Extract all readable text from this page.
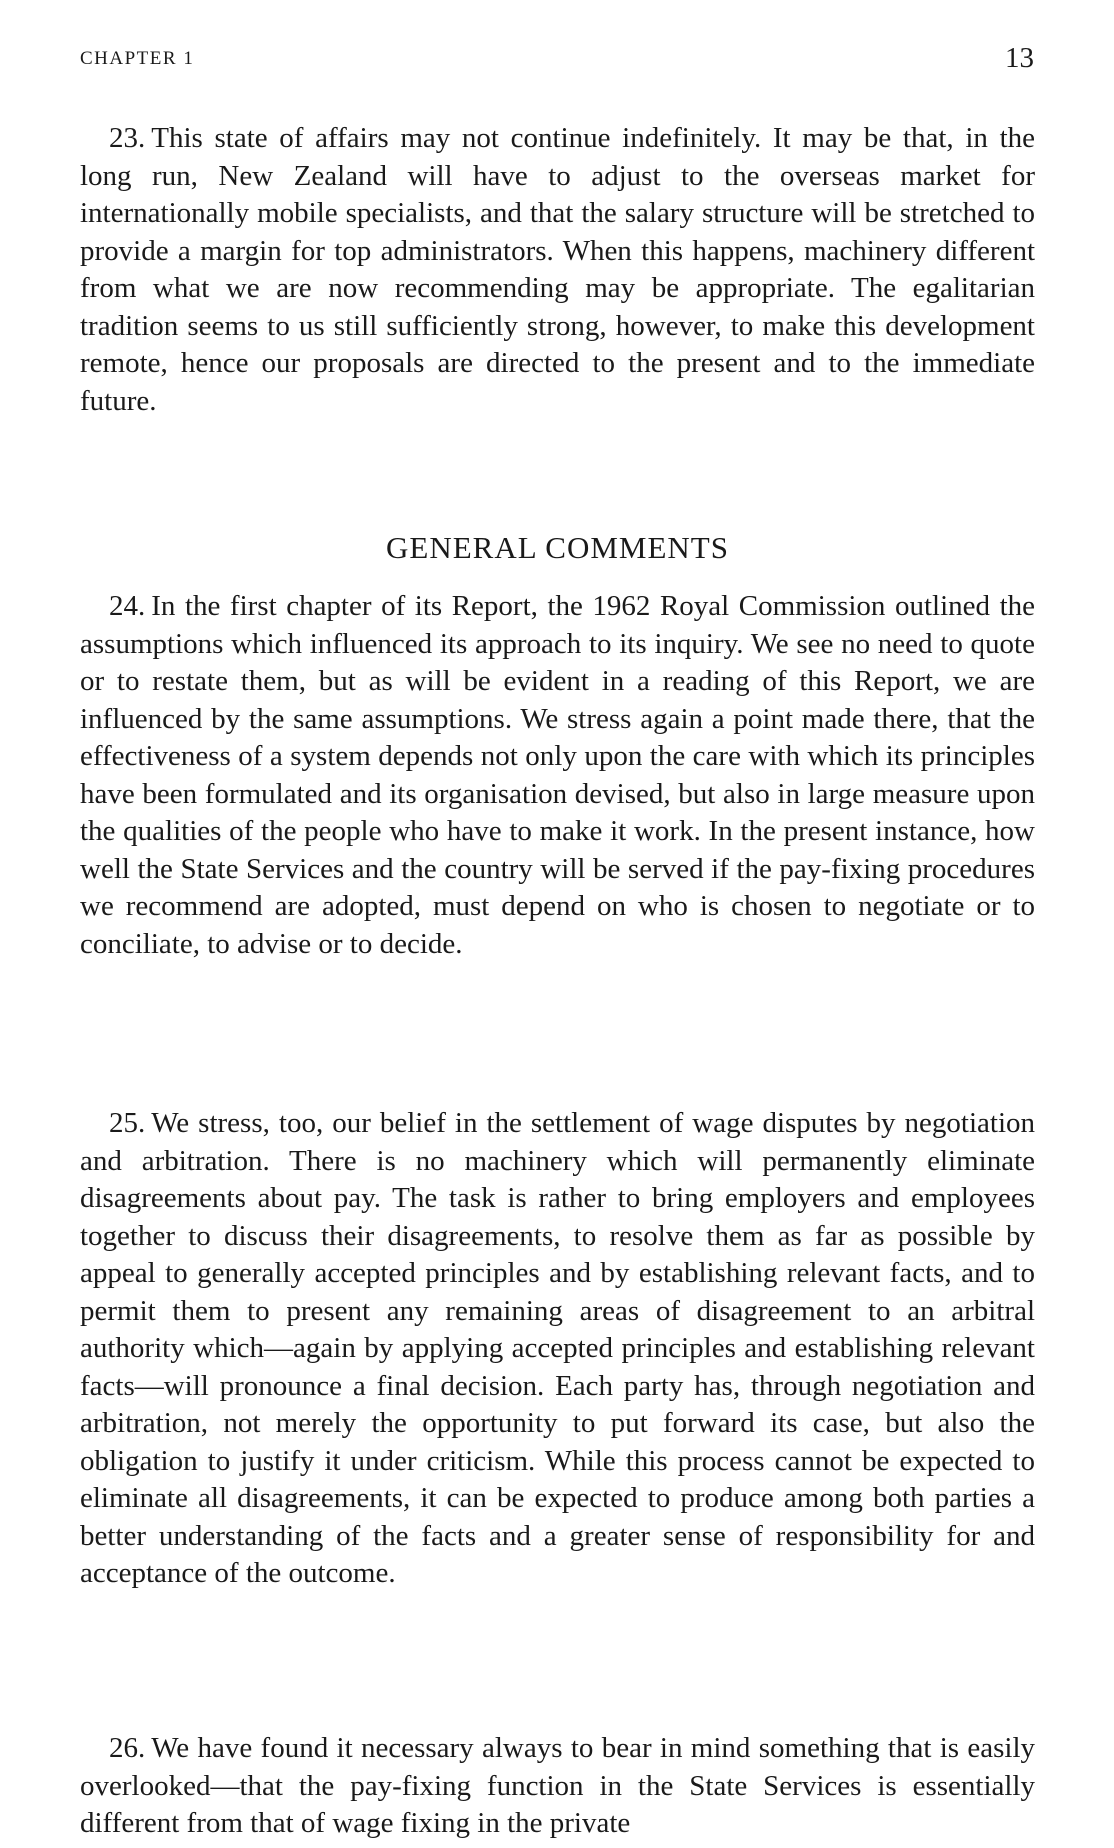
CHAPTER 1	13

23. This state of affairs may not continue indefinitely. It may be that, in the long run, New Zealand will have to adjust to the overseas market for internationally mobile specialists, and that the salary structure will be stretched to provide a margin for top administrators. When this happens, machinery different from what we are now recommending may be appropriate. The egalitarian tradition seems to us still sufficiently strong, however, to make this development remote, hence our proposals are directed to the present and to the immediate future.

GENERAL COMMENTS

24. In the first chapter of its Report, the 1962 Royal Commission outlined the assumptions which influenced its approach to its inquiry. We see no need to quote or to restate them, but as will be evident in a reading of this Report, we are influenced by the same assumptions. We stress again a point made there, that the effectiveness of a system depends not only upon the care with which its principles have been formulated and its organisation devised, but also in large measure upon the qualities of the people who have to make it work. In the present instance, how well the State Services and the country will be served if the pay-fixing procedures we recommend are adopted, must depend on who is chosen to negotiate or to conciliate, to advise or to decide.

25. We stress, too, our belief in the settlement of wage disputes by negotiation and arbitration. There is no machinery which will permanently eliminate disagreements about pay. The task is rather to bring employers and employees together to discuss their disagreements, to resolve them as far as possible by appeal to generally accepted principles and by establishing relevant facts, and to permit them to present any remaining areas of disagreement to an arbitral authority which—again by applying accepted principles and establishing relevant facts—will pronounce a final decision. Each party has, through negotiation and arbitration, not merely the opportunity to put forward its case, but also the obligation to justify it under criticism. While this process cannot be expected to eliminate all disagreements, it can be expected to produce among both parties a better understanding of the facts and a greater sense of responsibility for and acceptance of the outcome.

26. We have found it necessary always to bear in mind something that is easily overlooked—that the pay-fixing function in the State Services is essentially different from that of wage fixing in the private
